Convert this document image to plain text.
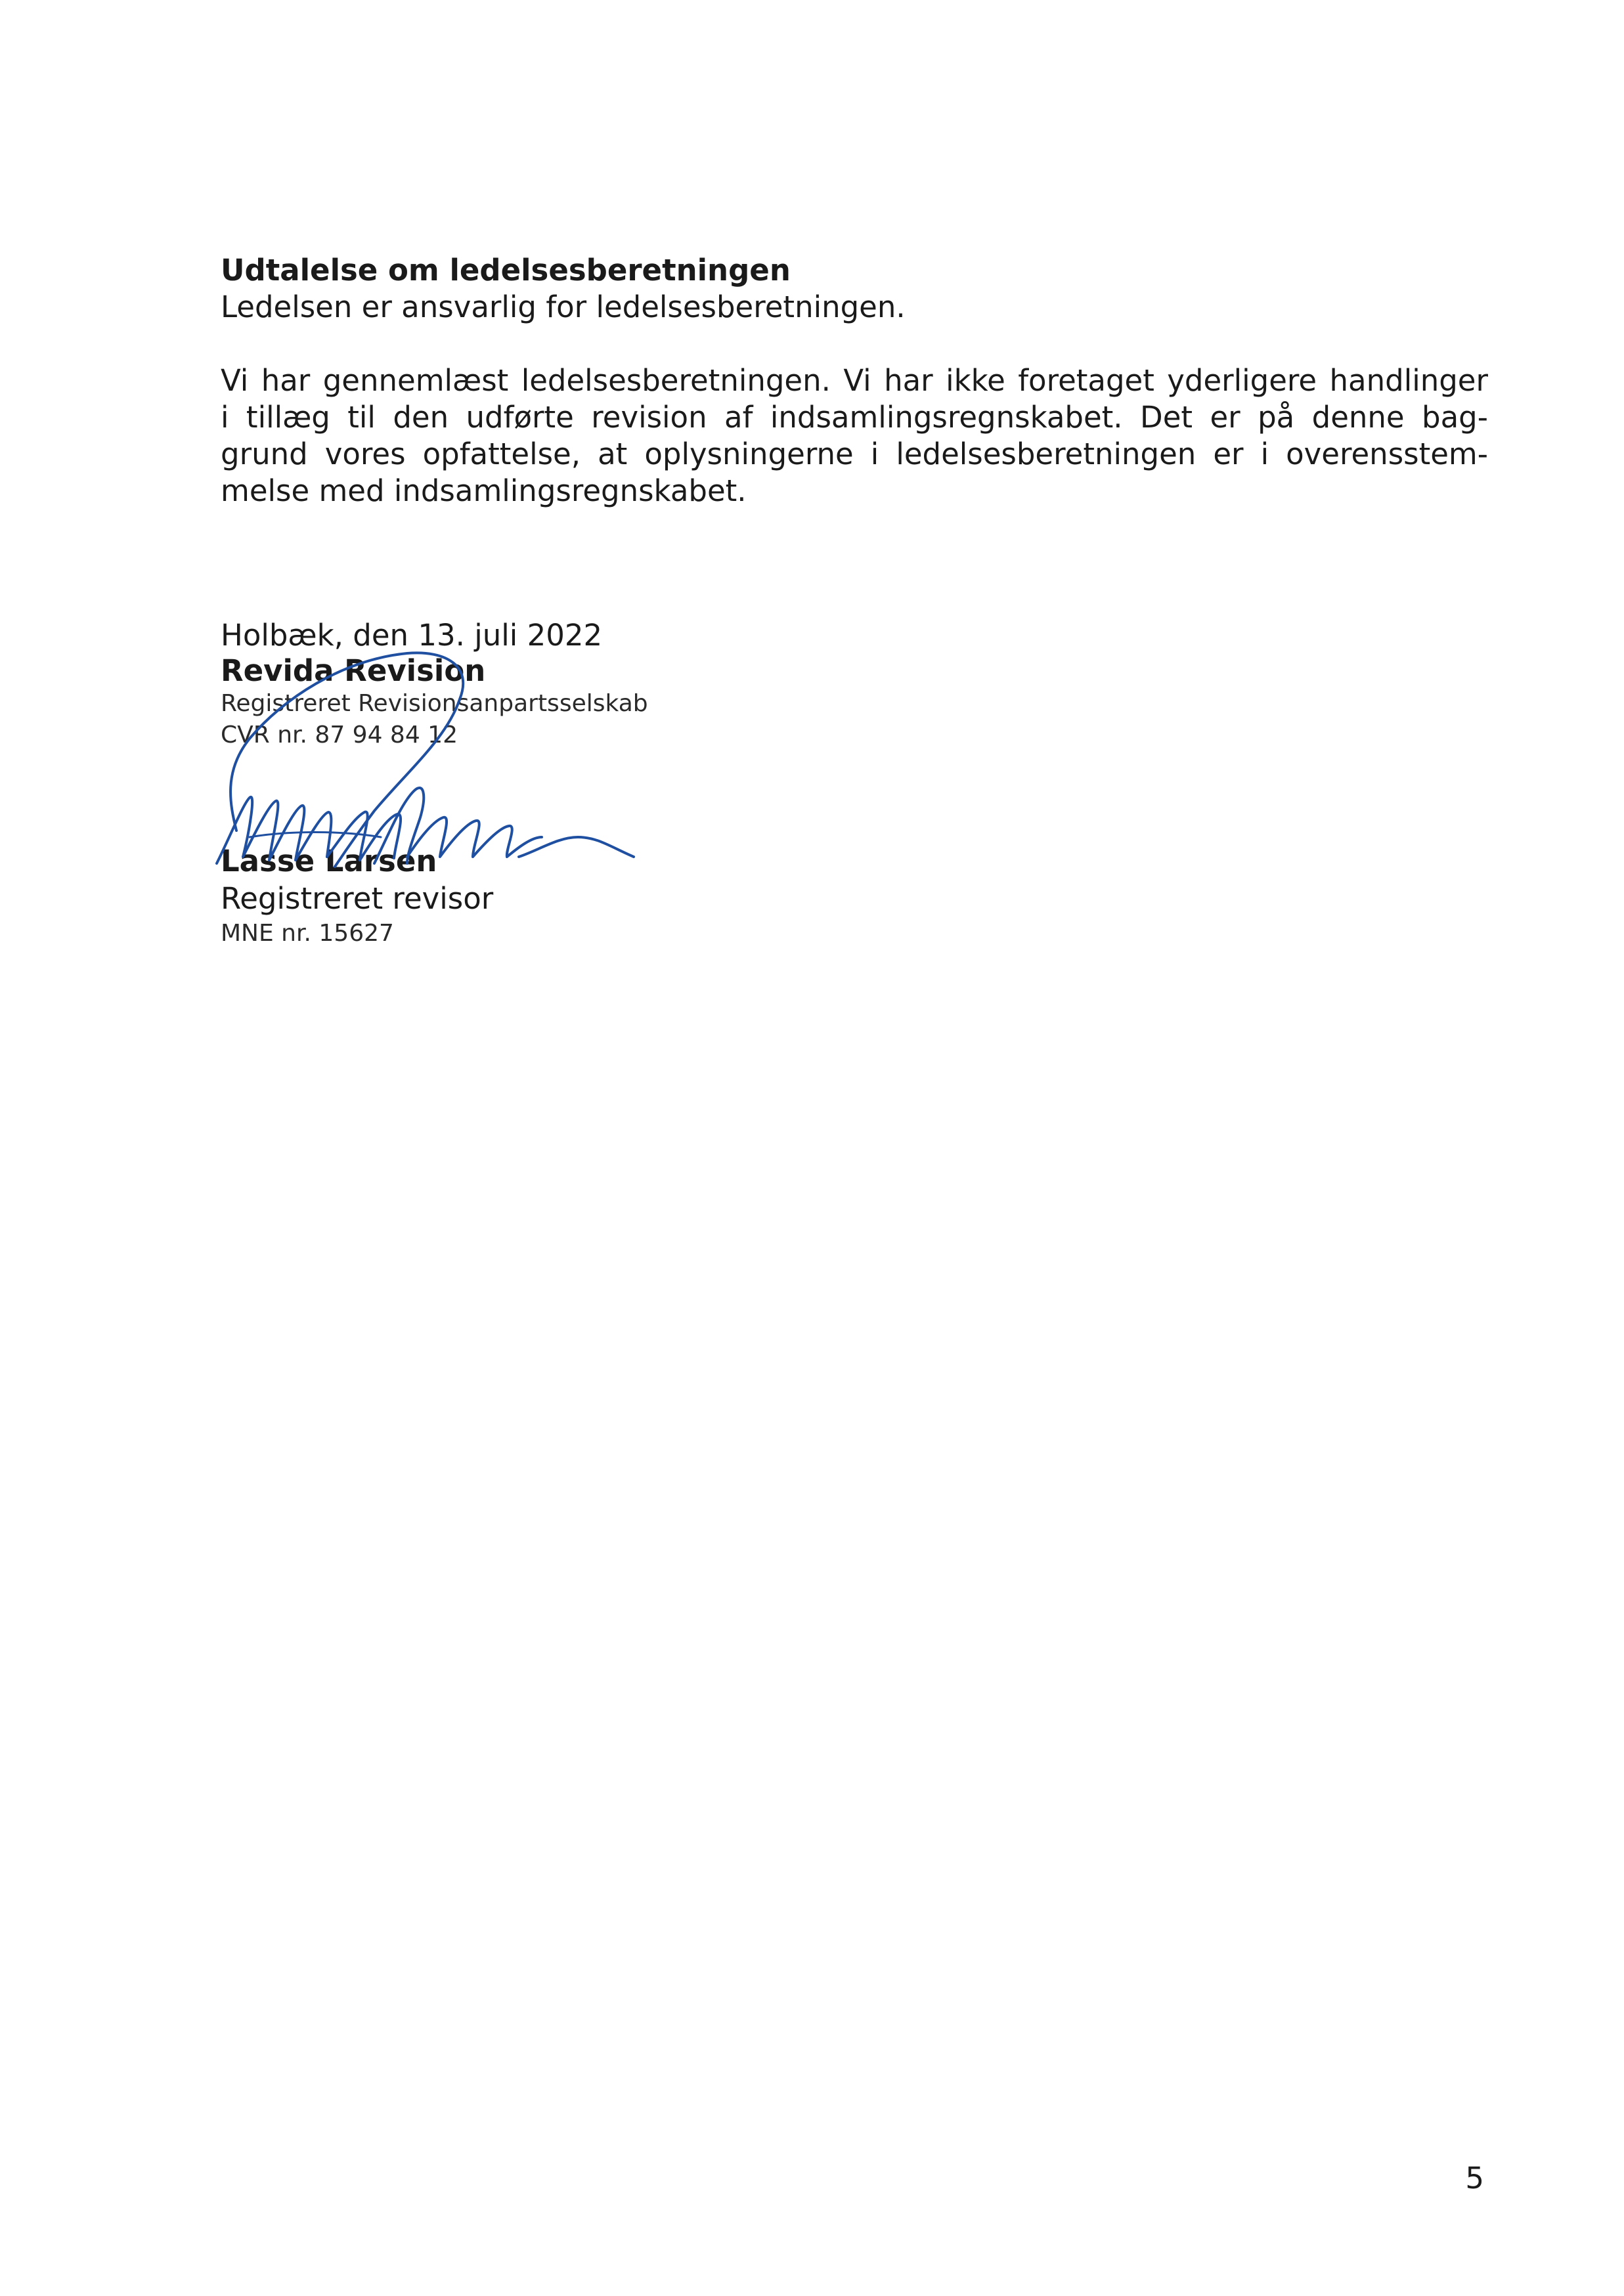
Udtalelse om ledelsesberetningen
Ledelsen er ansvarlig for ledelsesberetningen.
Vi har gennemlæst ledelsesberetningen. Vi har ikke foretaget yderligere handlinger
i tillæg til den udførte revision af indsamlingsregnskabet. Det er på denne bag-
grund vores opfattelse, at oplysningerne i ledelsesberetningen er i overensstem-
melse med indsamlingsregnskabet.
Holbæk, den 13. juli 2022
Revida Revision
Registreret Revisionsanpartsselskab
CVR nr. 87 94 84 12
Lasse Larsen
Registreret revisor
MNE nr. 15627
5
